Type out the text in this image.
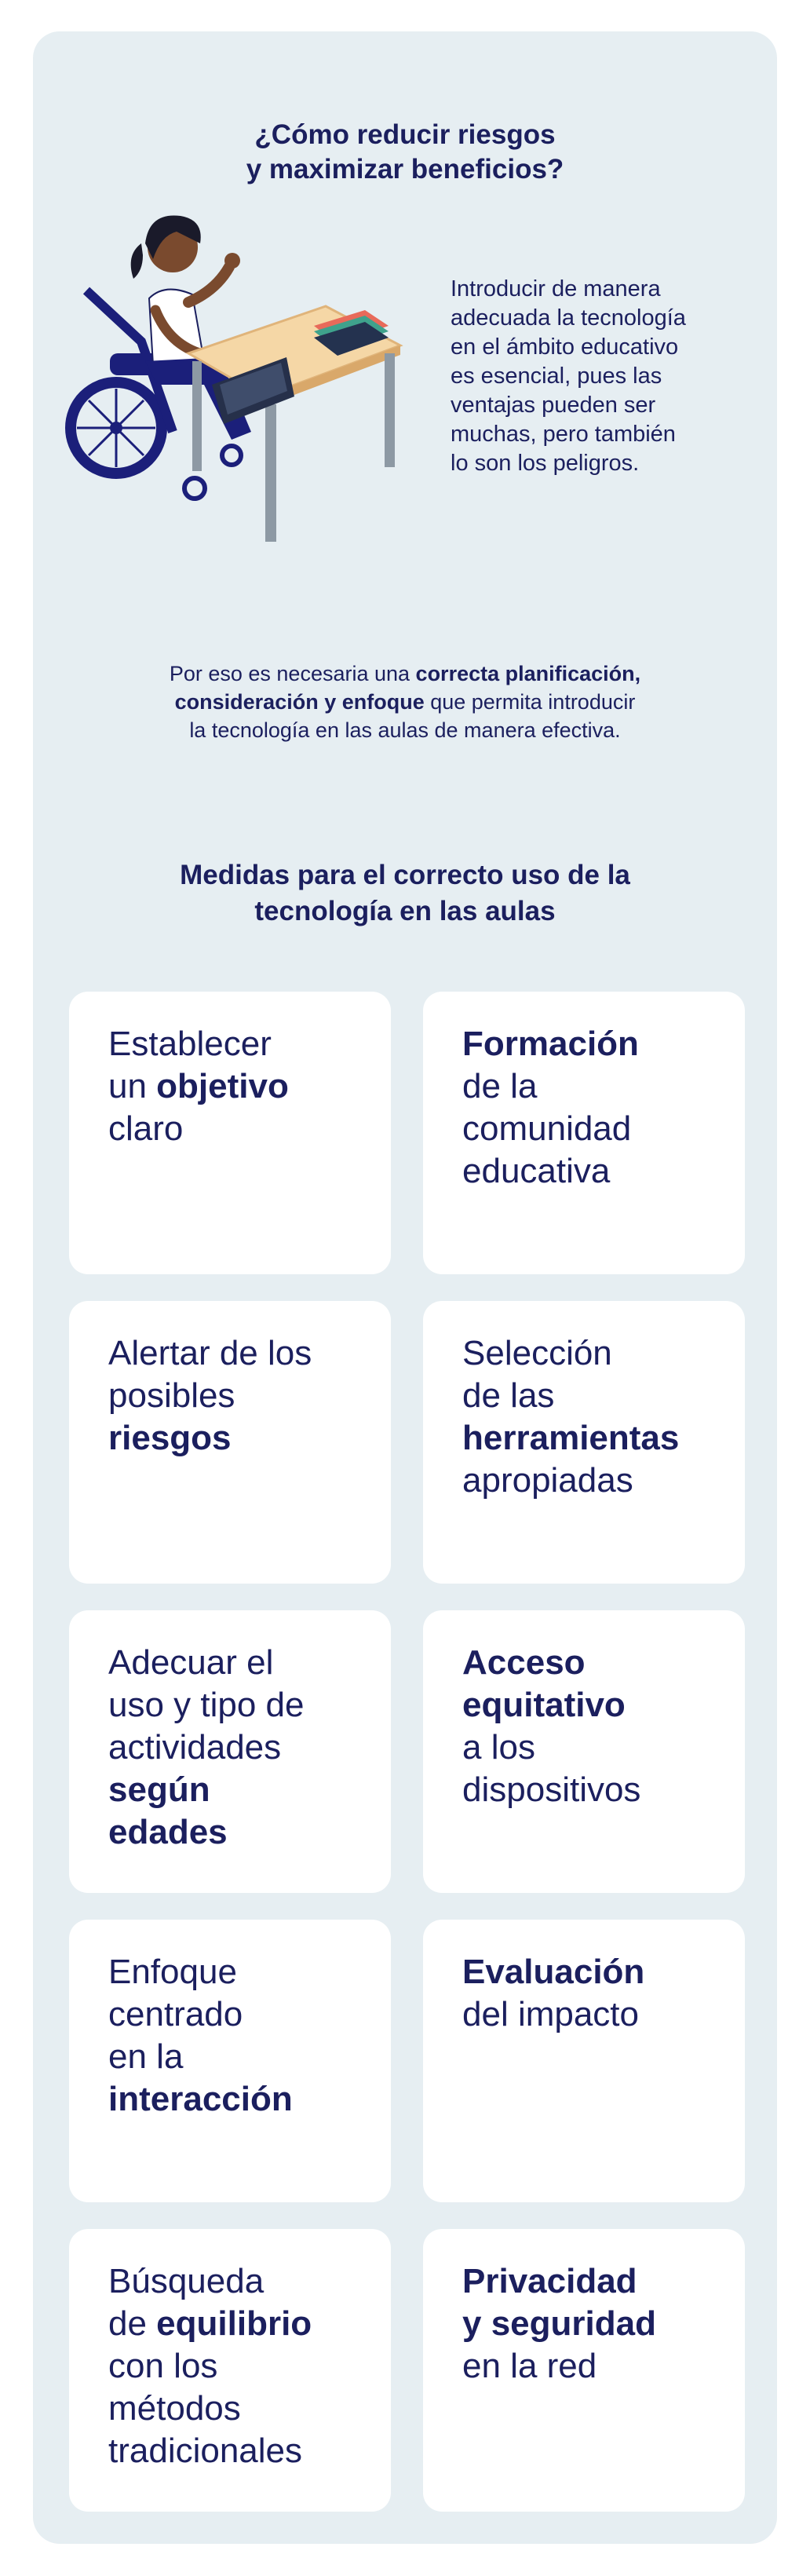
¿Cómo reducir riesgos
y maximizar beneficios?
Introducir de manera
adecuada la tecnología
en el ámbito educativo
es esencial, pues las
ventajas pueden ser
muchas, pero también
lo son los peligros.
Por eso es necesaria una correcta planificación,
consideración y enfoque que permita introducir
la tecnología en las aulas de manera efectiva.
Medidas para el correcto uso de la
tecnología en las aulas
Establecer
un objetivo
claro
Formación
de la
comunidad
educativa
Alertar de los
posibles
riesgos
Selección
de las
herramientas
apropiadas
Adecuar el
uso y tipo de
actividades
según
edades
Acceso
equitativo
a los
dispositivos
Enfoque
centrado
en la
interacción
Evaluación
del impacto
Búsqueda
de equilibrio
con los
métodos
tradicionales
Privacidad
y seguridad
en la red
